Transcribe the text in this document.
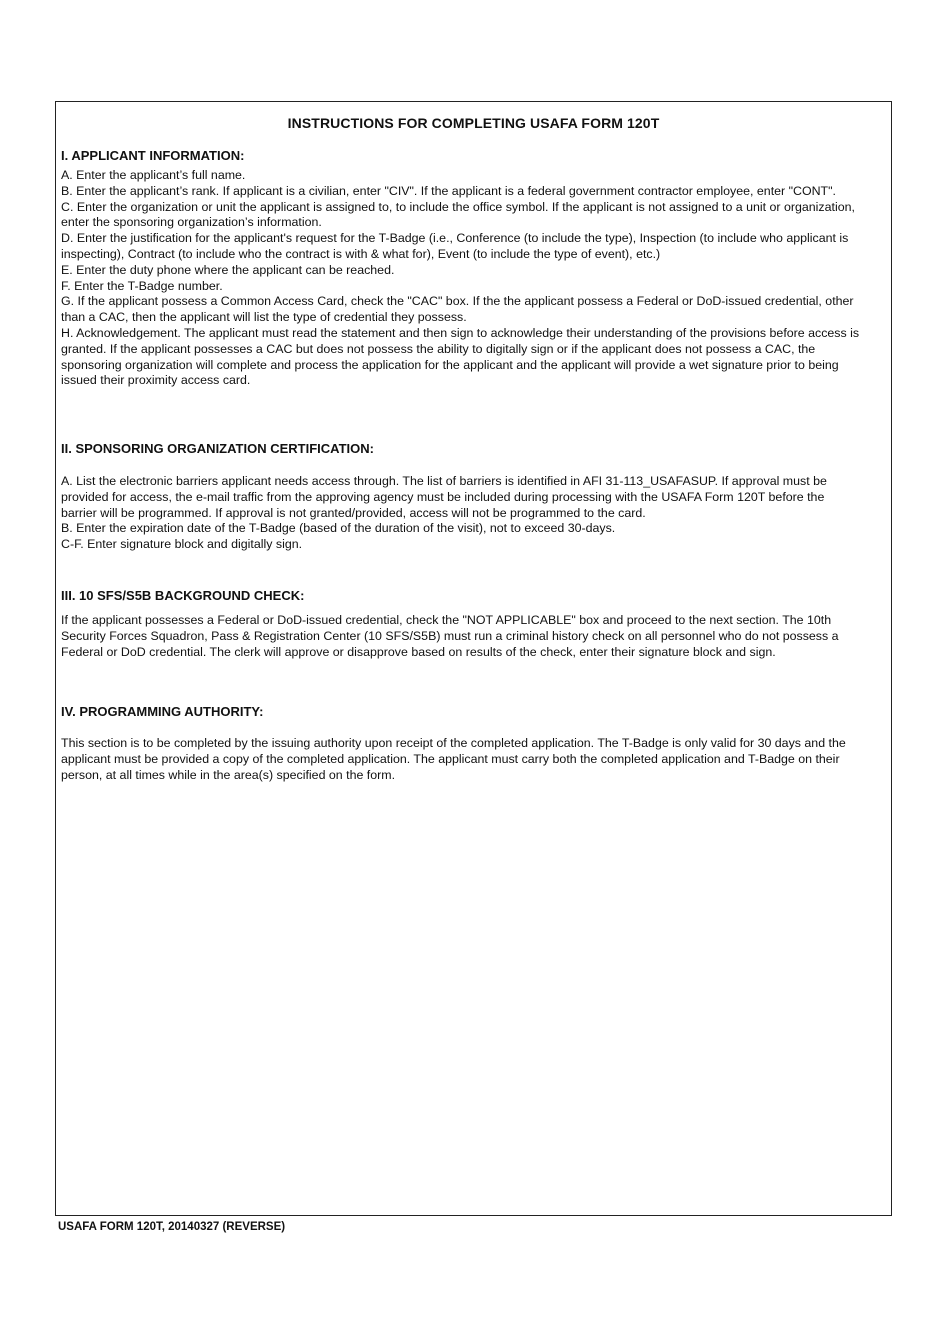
INSTRUCTIONS FOR COMPLETING USAFA FORM 120T

I. APPLICANT INFORMATION:

A. Enter the applicant’s full name.
B. Enter the applicant’s rank. If applicant is a civilian, enter "CIV". If the applicant is a federal government contractor employee, enter "CONT".
C. Enter the organization or unit the applicant is assigned to, to include the office symbol. If the applicant is not assigned to a unit or organization, enter the sponsoring organization’s information.
D. Enter the justification for the applicant's request for the T-Badge (i.e., Conference (to include the type), Inspection (to include who applicant is inspecting), Contract (to include who the contract is with & what for), Event (to include the type of event), etc.)
E. Enter the duty phone where the applicant can be reached.
F. Enter the T-Badge number.
G. If the applicant possess a Common Access Card, check the "CAC" box. If the the applicant possess a Federal or DoD-issued credential, other than a CAC, then the applicant will list the type of credential they possess.
H. Acknowledgement. The applicant must read the statement and then sign to acknowledge their understanding of the provisions before access is granted. If the applicant possesses a CAC but does not possess the ability to digitally sign or if the applicant does not possess a CAC, the sponsoring organization will complete and process the application for the applicant and the applicant will provide a wet signature prior to being issued their proximity access card.

II. SPONSORING ORGANIZATION CERTIFICATION:

A. List the electronic barriers applicant needs access through. The list of barriers is identified in AFI 31-113_USAFASUP. If approval must be provided for access, the e-mail traffic from the approving agency must be included during processing with the USAFA Form 120T before the barrier will be programmed. If approval is not granted/provided, access will not be programmed to the card.
B. Enter the expiration date of the T-Badge (based of the duration of the visit), not to exceed 30-days.
C-F. Enter signature block and digitally sign.

III. 10 SFS/S5B BACKGROUND CHECK:

If the applicant possesses a Federal or DoD-issued credential, check the "NOT APPLICABLE" box and proceed to the next section. The 10th Security Forces Squadron, Pass & Registration Center (10 SFS/S5B) must run a criminal history check on all personnel who do not possess a Federal or DoD credential. The clerk will approve or disapprove based on results of the check, enter their signature block and sign.

IV. PROGRAMMING AUTHORITY:

This section is to be completed by the issuing authority upon receipt of the completed application. The T-Badge is only valid for 30 days and the applicant must be provided a copy of the completed application. The applicant must carry both the completed application and T-Badge on their person, at all times while in the area(s) specified on the form.

USAFA FORM 120T, 20140327 (REVERSE)
